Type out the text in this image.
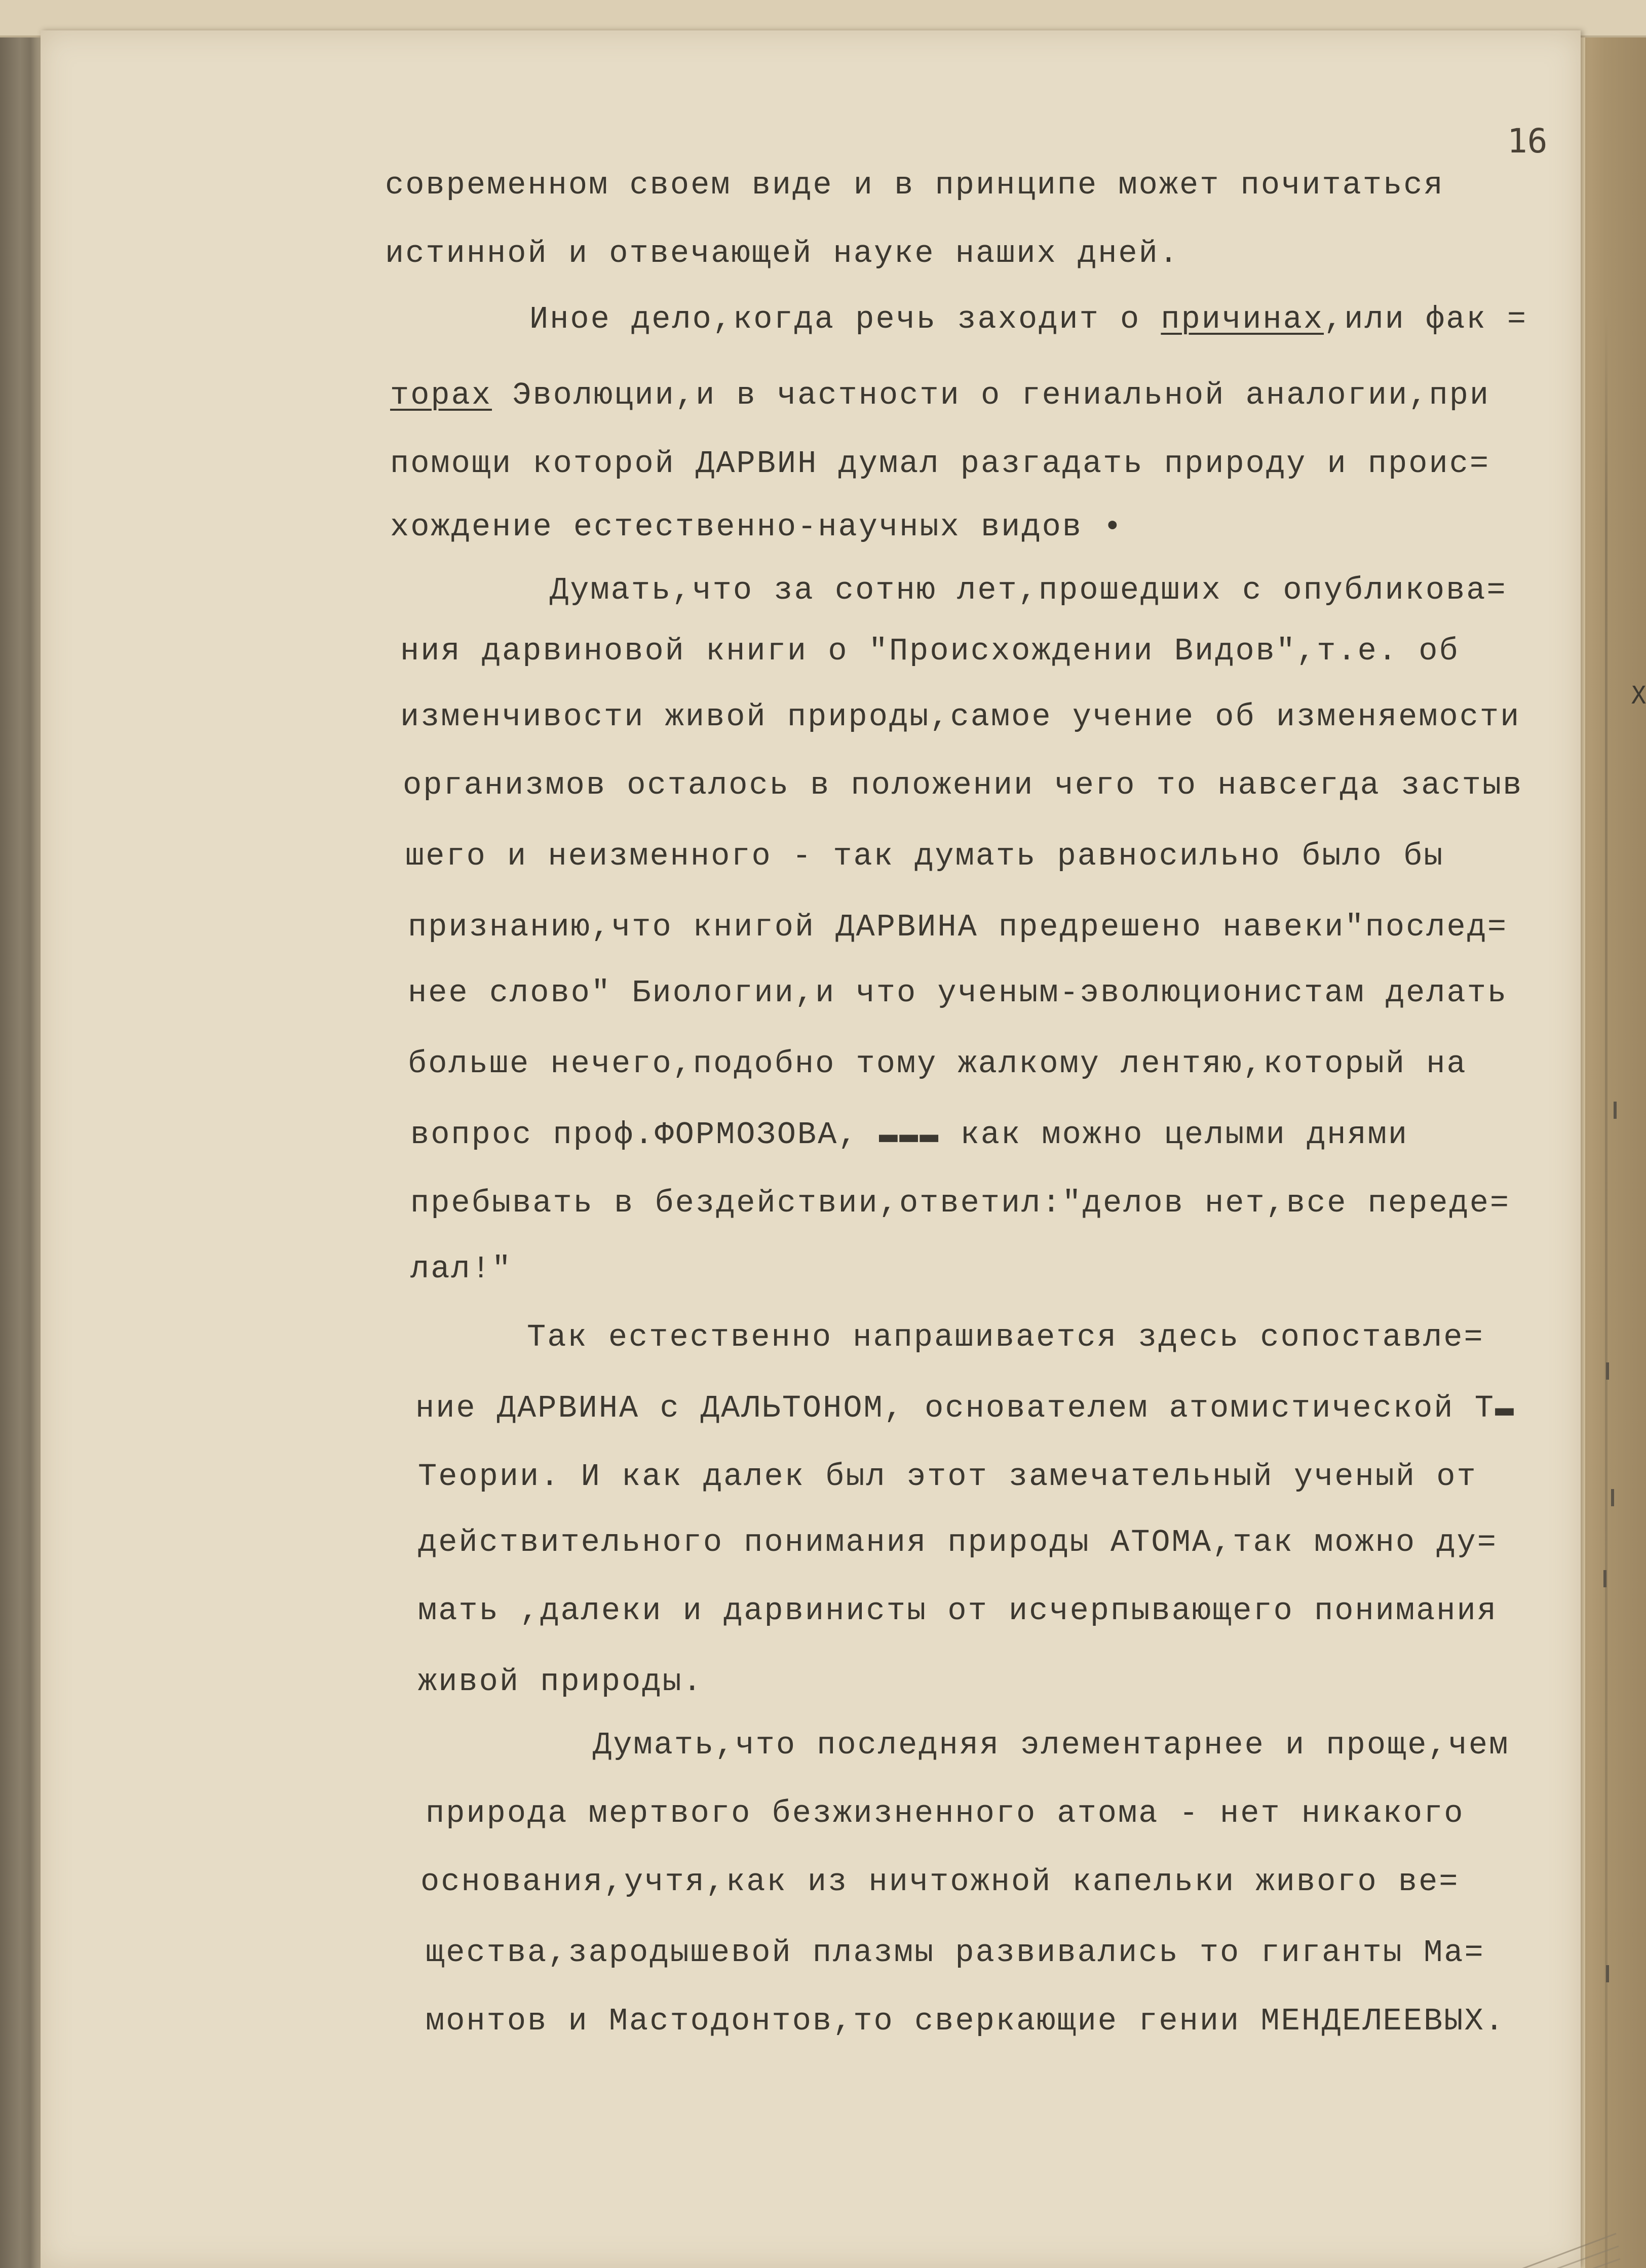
16

современном своем виде и в принципе может почитаться

истинной и отвечающей науке наших дней.

Иное дело,когда речь заходит о причинах,или фак =

торах Эволюции,и в частности о гениальной аналогии,при

помощи которой ДАРВИН думал разгадать природу и проис=

хождение естественно-научных видов •

Думать,что за сотню лет,прошедших с опубликова=

ния дарвиновой книги о "Происхождении Видов",т.е. об

изменчивости живой природы,самое учение об изменяемости

организмов осталось в положении чего то навсегда застыв

шего и неизменного - так думать равносильно было бы

признанию,что книгой ДАРВИНА предрешено навеки"послед=

нее слово" Биологии,и что ученым-эволюционистам делать

больше нечего,подобно тому жалкому лентяю,который на

вопрос проф.ФОРМОЗОВА, ▬▬▬ как можно целыми днями

пребывать в бездействии,ответил:"делов нет,все переде=

лал!"

Так естественно напрашивается здесь сопоставле=

ние ДАРВИНА с ДАЛЬТОНОМ, основателем атомистической Т▬

Теории. И как далек был этот замечательный ученый от

действительного понимания природы АТОМА,так можно ду=

мать ,далеки и дарвинисты от исчерпывающего понимания

живой природы.

Думать,что последняя элементарнее и проще,чем

природа мертвого безжизненного атома - нет никакого

основания,учтя,как из ничтожной капельки живого ве=

щества,зародышевой плазмы развивались то гиганты Ма=

монтов и Мастодонтов,то сверкающие гении МЕНДЕЛЕЕВЫХ.

Х
